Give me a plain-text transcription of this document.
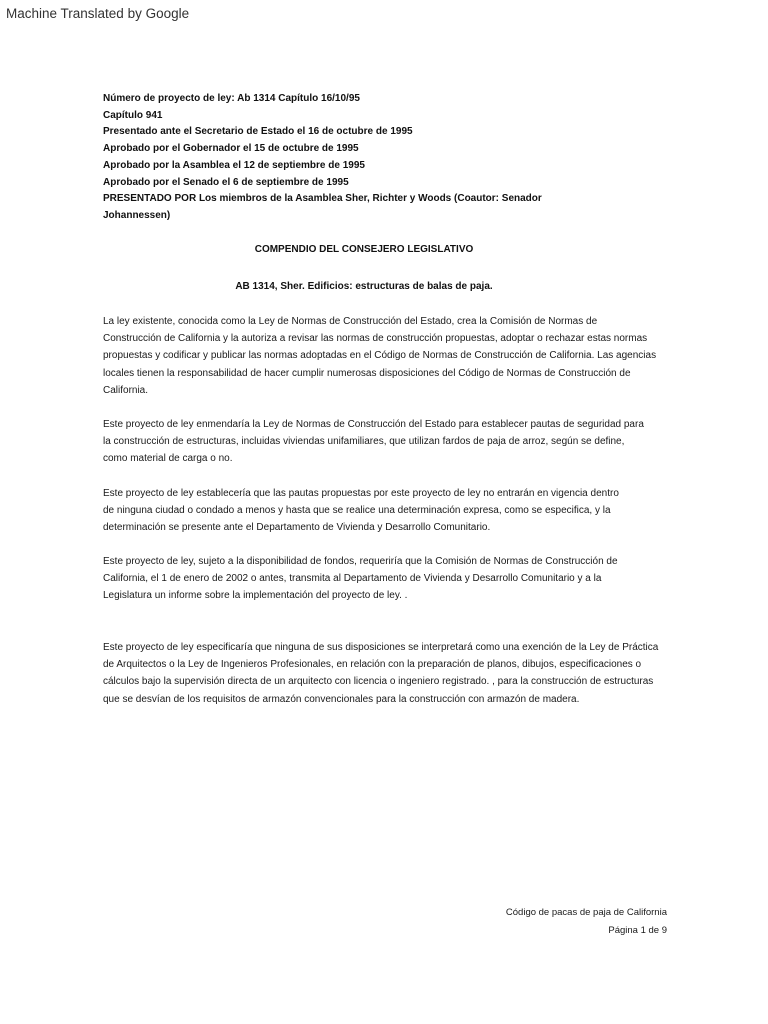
Machine Translated by Google
Número de proyecto de ley: Ab 1314 Capítulo 16/10/95
Capítulo 941
Presentado ante el Secretario de Estado el 16 de octubre de 1995
Aprobado por el Gobernador el 15 de octubre de 1995
Aprobado por la Asamblea el 12 de septiembre de 1995
Aprobado por el Senado el 6 de septiembre de 1995
PRESENTADO POR Los miembros de la Asamblea Sher, Richter y Woods (Coautor: Senador
Johannessen)
COMPENDIO DEL CONSEJERO LEGISLATIVO
AB 1314, Sher. Edificios: estructuras de balas de paja.
La ley existente, conocida como la Ley de Normas de Construcción del Estado, crea la Comisión de Normas de
Construcción de California y la autoriza a revisar las normas de construcción propuestas, adoptar o rechazar estas normas
propuestas y codificar y publicar las normas adoptadas en el Código de Normas de Construcción de California. Las agencias
locales tienen la responsabilidad de hacer cumplir numerosas disposiciones del Código de Normas de Construcción de
California.
Este proyecto de ley enmendaría la Ley de Normas de Construcción del Estado para establecer pautas de seguridad para
la construcción de estructuras, incluidas viviendas unifamiliares, que utilizan fardos de paja de arroz, según se define,
como material de carga o no.
Este proyecto de ley establecería que las pautas propuestas por este proyecto de ley no entrarán en vigencia dentro
de ninguna ciudad o condado a menos y hasta que se realice una determinación expresa, como se especifica, y la
determinación se presente ante el Departamento de Vivienda y Desarrollo Comunitario.
Este proyecto de ley, sujeto a la disponibilidad de fondos, requeriría que la Comisión de Normas de Construcción de
California, el 1 de enero de 2002 o antes, transmita al Departamento de Vivienda y Desarrollo Comunitario y a la
Legislatura un informe sobre la implementación del proyecto de ley. .
Este proyecto de ley especificaría que ninguna de sus disposiciones se interpretará como una exención de la Ley de Práctica
de Arquitectos o la Ley de Ingenieros Profesionales, en relación con la preparación de planos, dibujos, especificaciones o
cálculos bajo la supervisión directa de un arquitecto con licencia o ingeniero registrado. , para la construcción de estructuras
que se desvían de los requisitos de armazón convencionales para la construcción con armazón de madera.
Código de pacas de paja de California
Página 1 de 9
